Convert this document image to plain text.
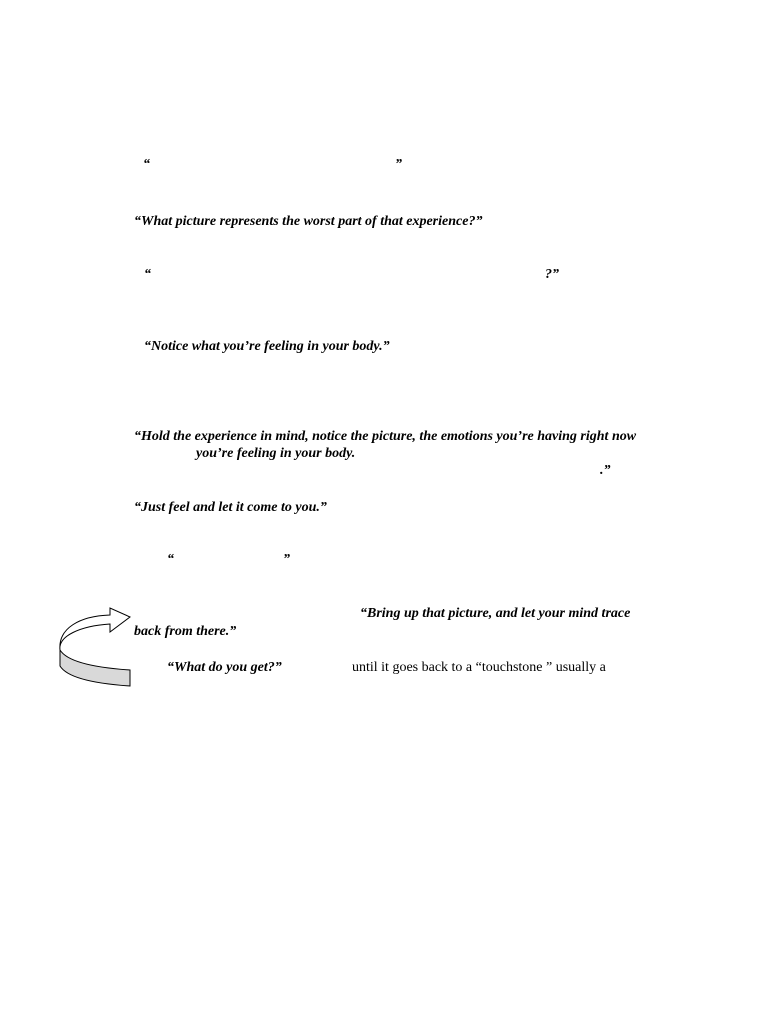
“	”
“What picture represents the worst part of that experience?”
“	?”
“Notice what you’re feeling in your body.”
“Hold the experience in mind, notice the picture, the emotions you’re having right now
you’re feeling in your body.
.”
“Just feel and let it come to you.”
“	”
“Bring up that picture, and let your mind trace
back from there.”
“What do you get?”	until it goes back to a “touchstone ” usually a
